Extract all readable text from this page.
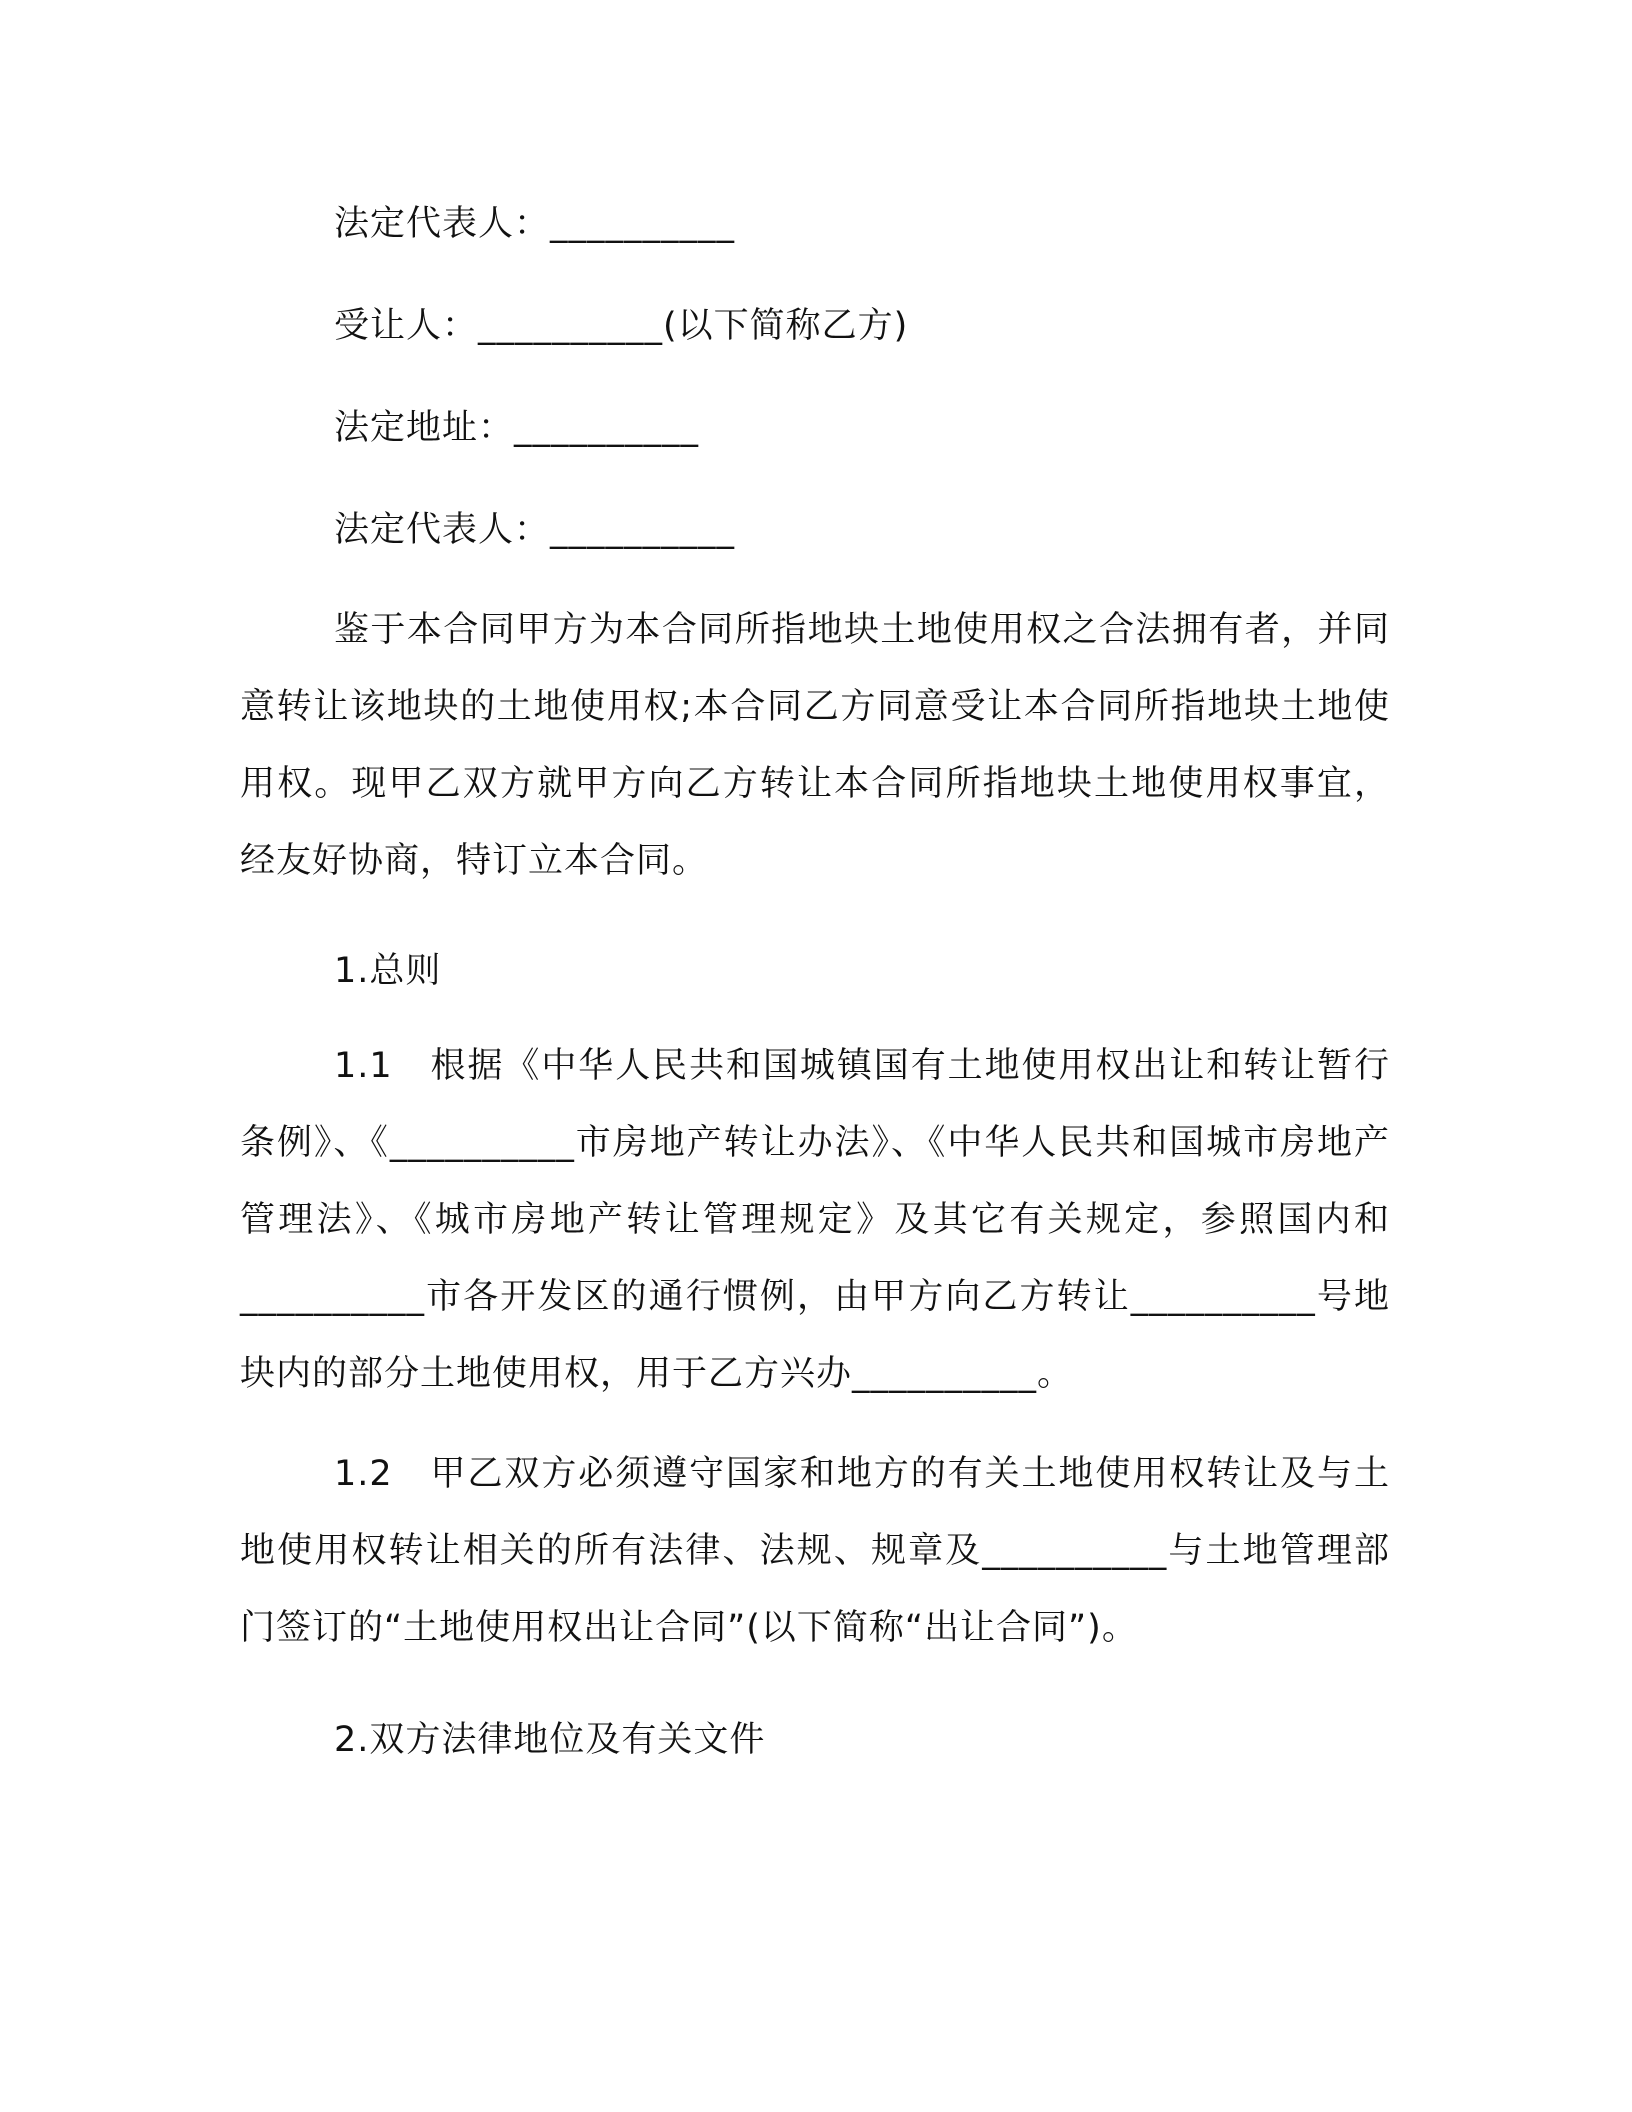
法定代表人：__________
受让人：__________(以下简称乙方)
法定地址：__________
法定代表人：__________
鉴于本合同甲方为本合同所指地块土地使用权之合法拥有者，并同意转让该地块的土地使用权;本合同乙方同意受让本合同所指地块土地使用权。现甲乙双方就甲方向乙方转让本合同所指地块土地使用权事宜，经友好协商，特订立本合同。
1.总则
1.1　根据《中华人民共和国城镇国有土地使用权出让和转让暂行条例》、《__________市房地产转让办法》、《中华人民共和国城市房地产管理法》、《城市房地产转让管理规定》及其它有关规定，参照国内和__________市各开发区的通行惯例，由甲方向乙方转让__________号地块内的部分土地使用权，用于乙方兴办__________。
1.2　甲乙双方必须遵守国家和地方的有关土地使用权转让及与土地使用权转让相关的所有法律、法规、规章及__________与土地管理部门签订的“土地使用权出让合同”(以下简称“出让合同”)。
2.双方法律地位及有关文件
